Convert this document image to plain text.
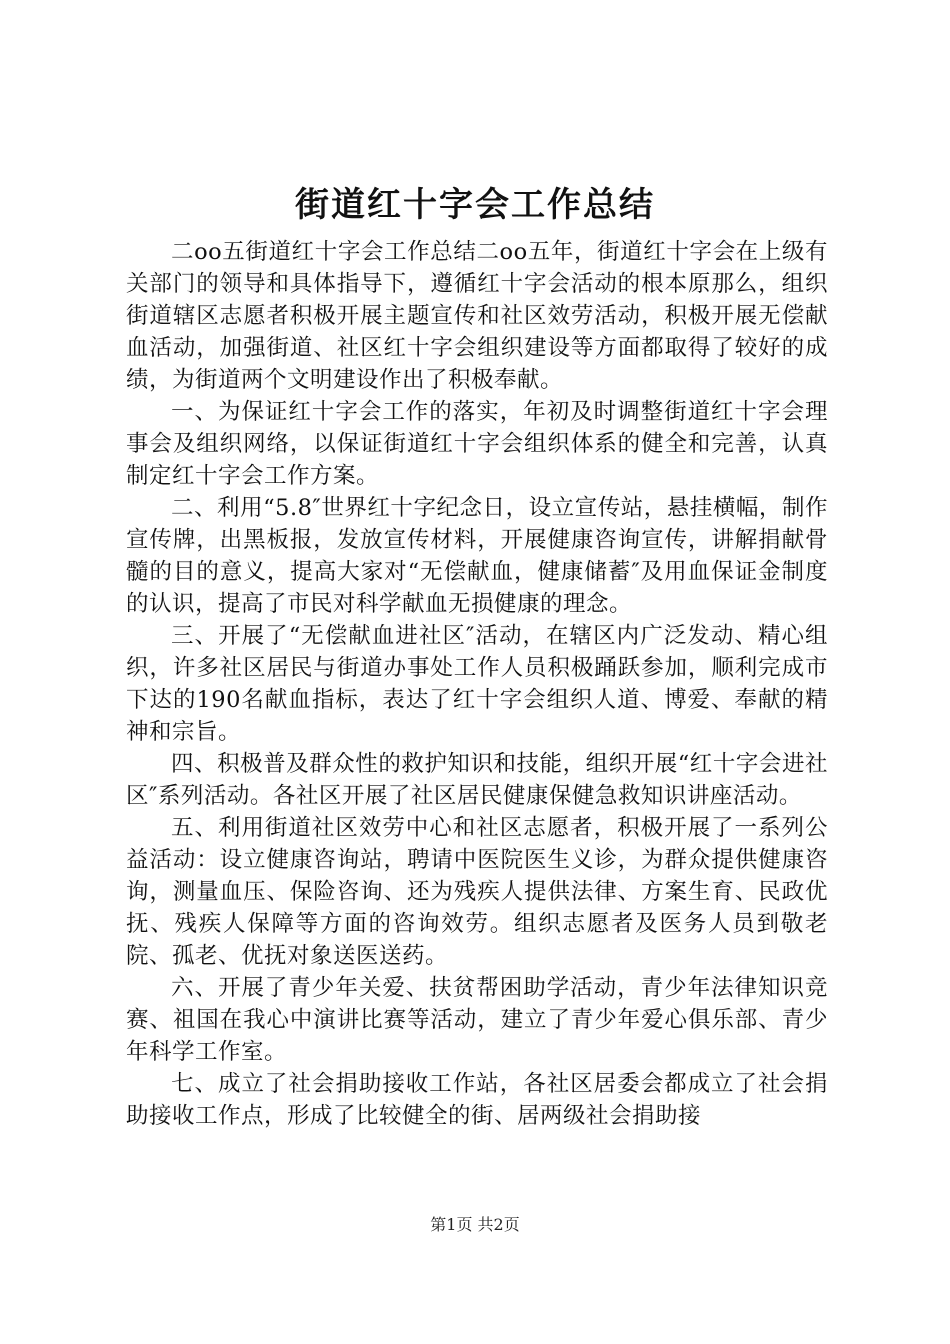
街道红十字会工作总结

二oo五街道红十字会工作总结二oo五年，街道红十字会在上级有关部门的领导和具体指导下，遵循红十字会活动的根本原那么，组织街道辖区志愿者积极开展主题宣传和社区效劳活动，积极开展无偿献血活动，加强街道、社区红十字会组织建设等方面都取得了较好的成绩，为街道两个文明建设作出了积极奉献。

一、为保证红十字会工作的落实，年初及时调整街道红十字会理事会及组织网络，以保证街道红十字会组织体系的健全和完善，认真制定红十字会工作方案。

二、利用“5.8″世界红十字纪念日，设立宣传站，悬挂横幅，制作宣传牌，出黑板报，发放宣传材料，开展健康咨询宣传，讲解捐献骨髓的目的意义，提高大家对“无偿献血，健康储蓄″及用血保证金制度的认识，提高了市民对科学献血无损健康的理念。

三、开展了“无偿献血进社区″活动，在辖区内广泛发动、精心组织，许多社区居民与街道办事处工作人员积极踊跃参加，顺利完成市下达的190名献血指标，表达了红十字会组织人道、博爱、奉献的精神和宗旨。

四、积极普及群众性的救护知识和技能，组织开展“红十字会进社区″系列活动。各社区开展了社区居民健康保健急救知识讲座活动。

五、利用街道社区效劳中心和社区志愿者，积极开展了一系列公益活动：设立健康咨询站，聘请中医院医生义诊，为群众提供健康咨询，测量血压、保险咨询、还为残疾人提供法律、方案生育、民政优抚、残疾人保障等方面的咨询效劳。组织志愿者及医务人员到敬老院、孤老、优抚对象送医送药。

六、开展了青少年关爱、扶贫帮困助学活动，青少年法律知识竞赛、祖国在我心中演讲比赛等活动，建立了青少年爱心俱乐部、青少年科学工作室。

七、成立了社会捐助接收工作站，各社区居委会都成立了社会捐助接收工作点，形成了比较健全的街、居两级社会捐助接

第1页 共2页
